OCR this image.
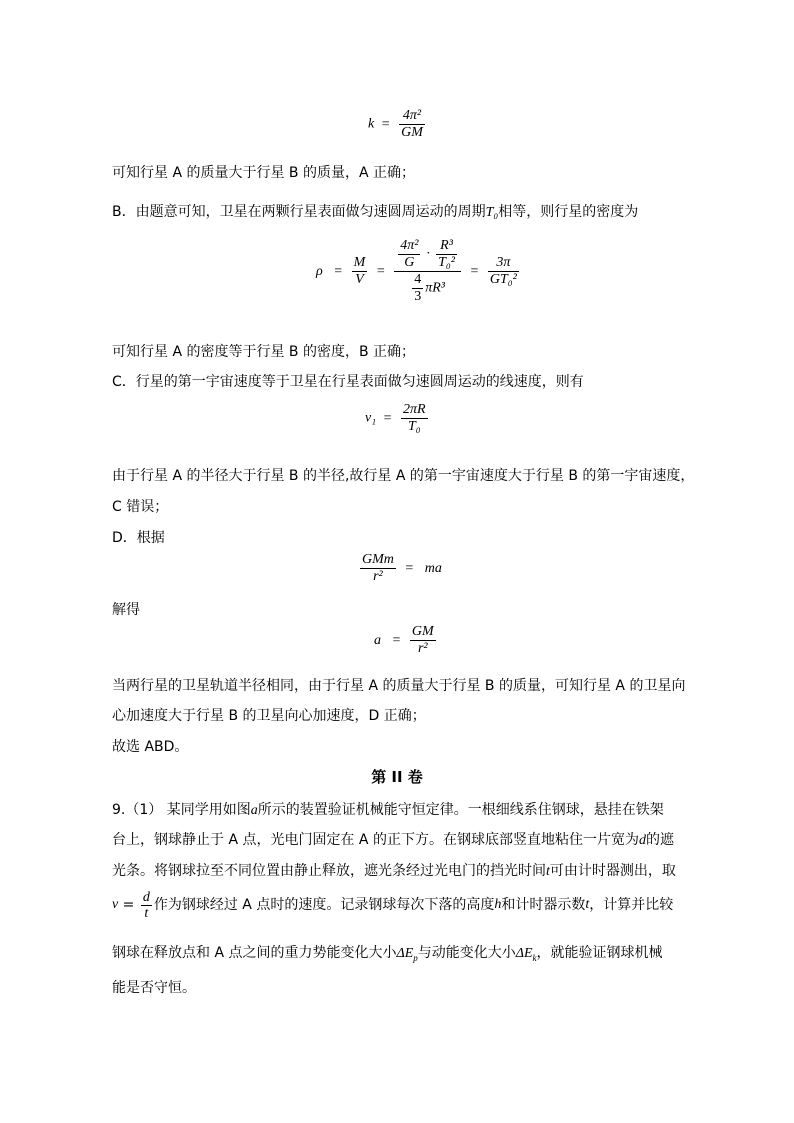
$k = \frac{\text{4π²}}{GM}$
可知行星 A 的质量大于行星 B 的质量，A 正确；
B．由题意可知，卫星在两颗行星表面做匀速圆周运动的周期T₀相等，则行星的密度为
$\rho = \frac{M}{V} = \frac{\frac{\text{4π²}}{G} \cdot \frac{\text{R³}}{\text{T₀²}}}{\frac{4}{3} \pi R^3} = \frac{3\pi}{\text{GT₀²}}$
可知行星 A 的密度等于行星 B 的密度，B 正确；
C．行星的第一宇宙速度等于卫星在行星表面做匀速圆周运动的线速度，则有
$v_1 = \frac{2\pi R}{\text{T₀}}$
由于行星 A 的半径大于行星 B 的半径,故行星 A 的第一宇宙速度大于行星 B 的第一宇宙速度，
C 错误；
D．根据
$\frac{\text{GMm}}{\text{r²}}$ = ma
解得
$a = \frac{GM}{\text{r²}}$
当两行星的卫星轨道半径相同，由于行星 A 的质量大于行星 B 的质量，可知行星 A 的卫星向
心加速度大于行星 B 的卫星向心加速度，D 正确；
故选 ABD。
第 II 卷
9.（1） 某同学用如图a所示的装置验证机械能守恒定律。一根细线系住钢球，悬挂在铁架
台上，钢球静止于 A 点，光电门固定在 A 的正下方。在钢球底部竖直地粘住一片宽为d的遮
光条。将钢球拉至不同位置由静止释放，遮光条经过光电门的挡光时间t可由计时器测出，取
$v = \frac{d}{t}$ 作为钢球经过 A 点时的速度。记录钢球每次下落的高度h和计时器示数t，计算并比较
钢球在释放点和 A 点之间的重力势能变化大小$\Delta E_p$与动能变化大小$\Delta E_k$，就能验证钢球机械
能是否守恒。
